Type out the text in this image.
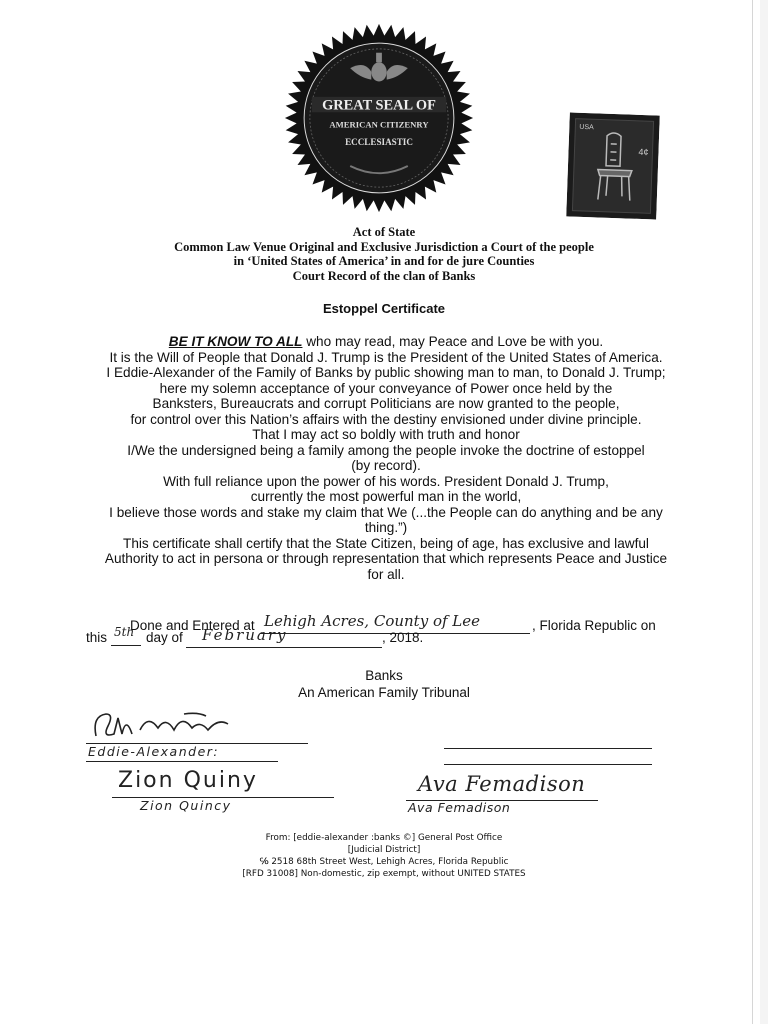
GREAT SEAL OF
AMERICAN CITIZENRY
ECCLESIASTIC
USA
4¢
Act of State
Common Law Venue Original and Exclusive Jurisdiction a Court of the people
in ‘United States of America’ in and for de jure Counties
Court Record of the clan of Banks
Estoppel Certificate
BE IT KNOW TO ALL who may read, may Peace and Love be with you.
It is the Will of People that Donald J. Trump is the President of the United States of America.
I Eddie-Alexander of the Family of Banks by public showing man to man, to Donald J. Trump;
here my solemn acceptance of your conveyance of Power once held by the
Banksters, Bureaucrats and corrupt Politicians are now granted to the people,
for control over this Nation’s affairs with the destiny envisioned under divine principle.
That I may act so boldly with truth and honor
I/We the undersigned being a family among the people invoke the doctrine of estoppel (by record).
With full reliance upon the power of his words. President Donald J. Trump,
currently the most powerful man in the world,
I believe those words and stake my claim that We (...the People can do anything and be any thing.”)
This certificate shall certify that the State Citizen, being of age, has exclusive and lawful
Authority to act in persona or through representation that which represents Peace and Justice
for all.
Done and Entered at Lehigh Acres, County of Lee	, Florida Republic on
this 5th day of February	, 2018.
Banks
An American Family Tribunal
Eddie-Alexander:
Zion Quiny
Zion Quincy
Ava Femadison
Ava Femadison
From: [eddie-alexander :banks ©] General Post Office
[Judicial District]
℅ 2518 68th Street West, Lehigh Acres, Florida Republic
[RFD 31008] Non-domestic, zip exempt, without UNITED STATES
